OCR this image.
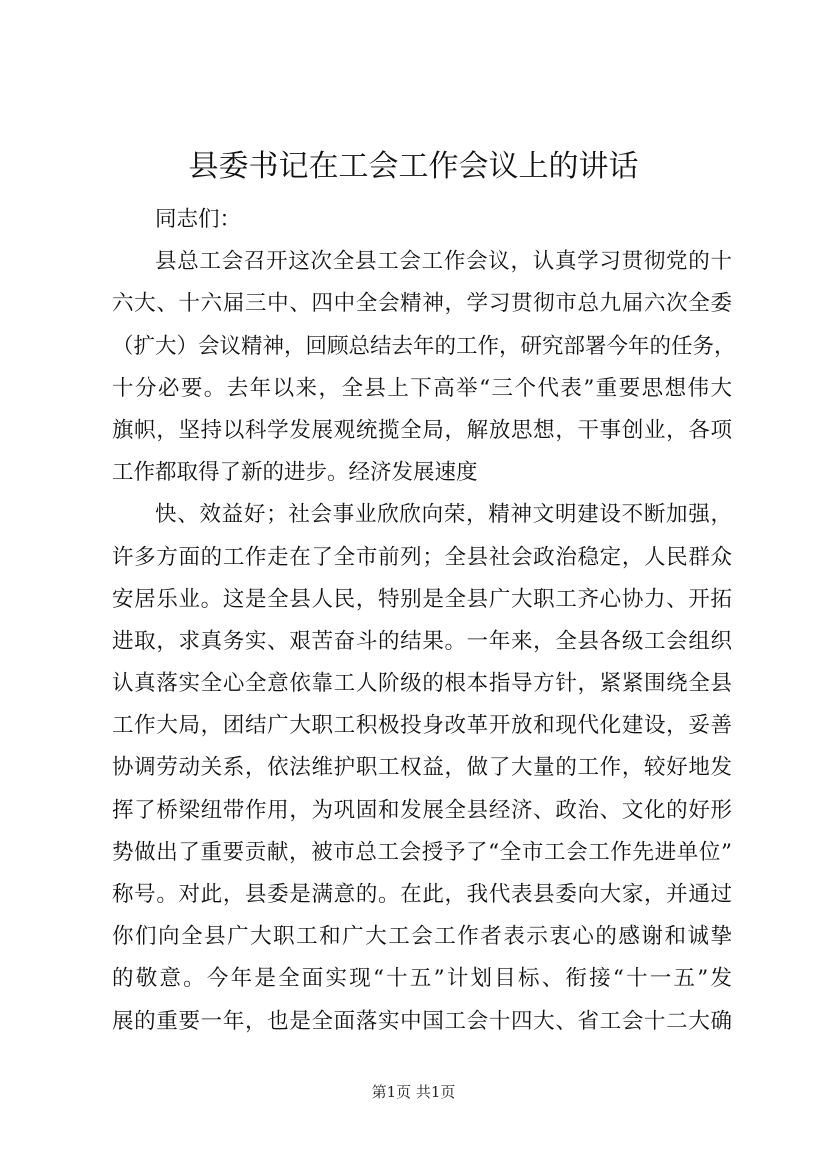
县委书记在工会工作会议上的讲话
同志们：
县总工会召开这次全县工会工作会议，认真学习贯彻党的十
六大、十六届三中、四中全会精神，学习贯彻市总九届六次全委
（扩大）会议精神，回顾总结去年的工作，研究部署今年的任务，
十分必要。去年以来，全县上下高举“三个代表”重要思想伟大
旗帜，坚持以科学发展观统揽全局，解放思想，干事创业，各项
工作都取得了新的进步。经济发展速度
快、效益好；社会事业欣欣向荣，精神文明建设不断加强，
许多方面的工作走在了全市前列；全县社会政治稳定，人民群众
安居乐业。这是全县人民，特别是全县广大职工齐心协力、开拓
进取，求真务实、艰苦奋斗的结果。一年来，全县各级工会组织
认真落实全心全意依靠工人阶级的根本指导方针，紧紧围绕全县
工作大局，团结广大职工积极投身改革开放和现代化建设，妥善
协调劳动关系，依法维护职工权益，做了大量的工作，较好地发
挥了桥梁纽带作用，为巩固和发展全县经济、政治、文化的好形
势做出了重要贡献，被市总工会授予了“全市工会工作先进单位”
称号。对此，县委是满意的。在此，我代表县委向大家，并通过
你们向全县广大职工和广大工会工作者表示衷心的感谢和诚挚
的敬意。今年是全面实现“十五”计划目标、衔接“十一五”发
展的重要一年，也是全面落实中国工会十四大、省工会十二大确
第1页 共1页
